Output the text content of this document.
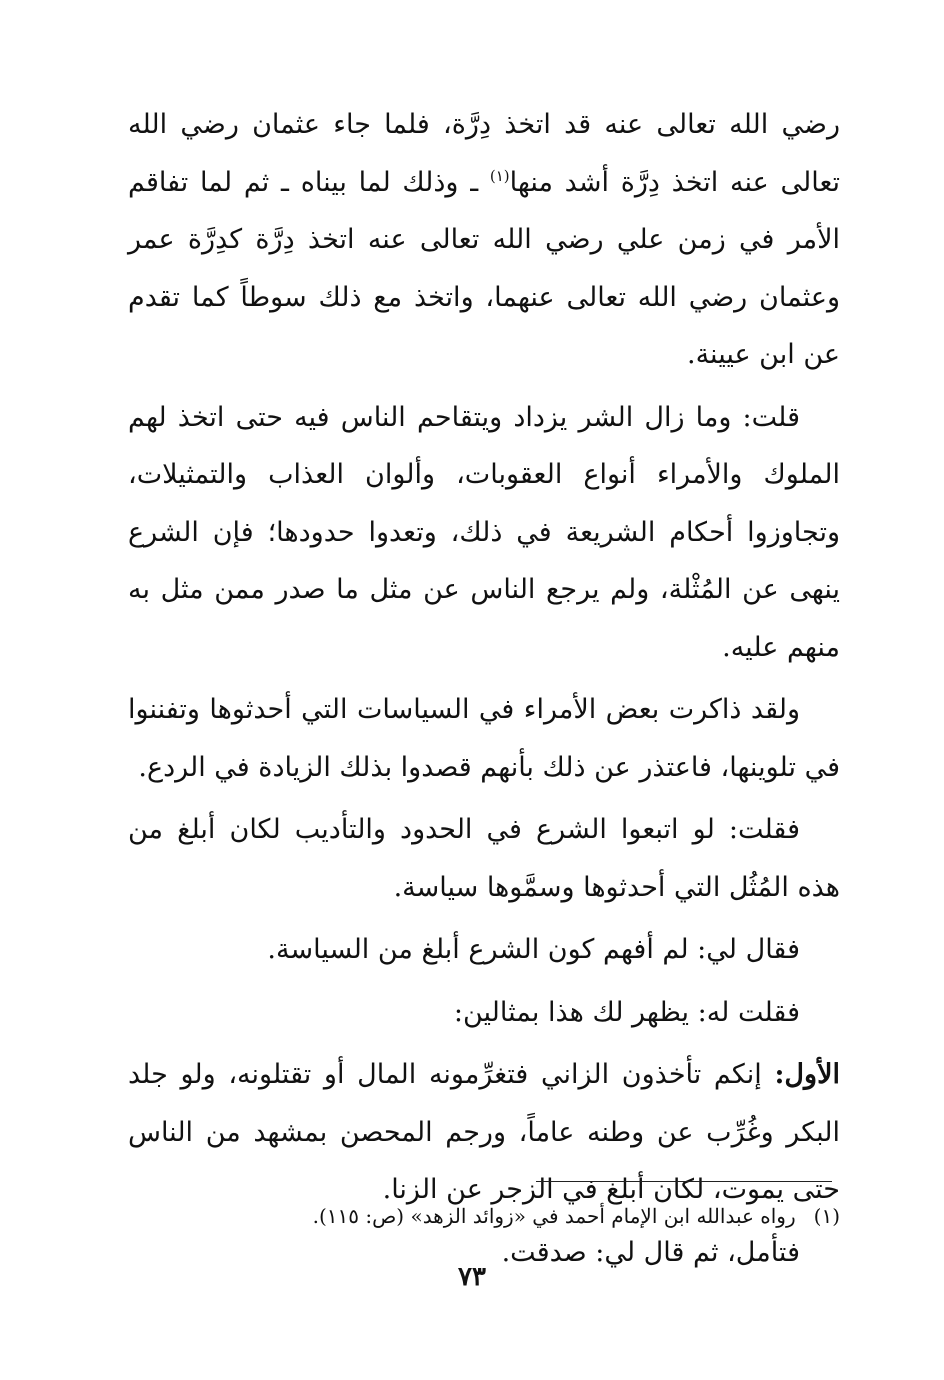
رضي الله تعالى عنه قد اتخذ دِرَّة، فلما جاء عثمان رضي الله تعالى عنه اتخذ دِرَّة أشد منها$^{(١)}$ ـ وذلك لما بيناه ـ ثم لما تفاقم الأمر في زمن علي رضي الله تعالى عنه اتخذ دِرَّة كدِرَّة عمر وعثمان رضي الله تعالى عنهما، واتخذ مع ذلك سوطاً كما تقدم عن ابن عيينة.

قلت: وما زال الشر يزداد ويتقاحم الناس فيه حتى اتخذ لهم الملوك والأمراء أنواع العقوبات، وألوان العذاب والتمثيلات، وتجاوزوا أحكام الشريعة في ذلك، وتعدوا حدودها؛ فإن الشرع ينهى عن المُثْلة، ولم يرجع الناس عن مثل ما صدر ممن مثل به منهم عليه.

ولقد ذاكرت بعض الأمراء في السياسات التي أحدثوها وتفننوا في تلوينها، فاعتذر عن ذلك بأنهم قصدوا بذلك الزيادة في الردع.

فقلت: لو اتبعوا الشرع في الحدود والتأديب لكان أبلغ من هذه المُثُل التي أحدثوها وسمَّوها سياسة.

فقال لي: لم أفهم كون الشرع أبلغ من السياسة.

فقلت له: يظهر لك هذا بمثالين:

الأول: إنكم تأخذون الزاني فتغرِّمونه المال أو تقتلونه، ولو جلد البكر وغُرِّب عن وطنه عاماً، ورجم المحصن بمشهد من الناس حتى يموت، لكان أبلغ في الزجر عن الزنا.

فتأمل، ثم قال لي: صدقت.

(١)رواه عبدالله ابن الإمام أحمد في «زوائد الزهد» (ص: ١١٥).
٧٣
